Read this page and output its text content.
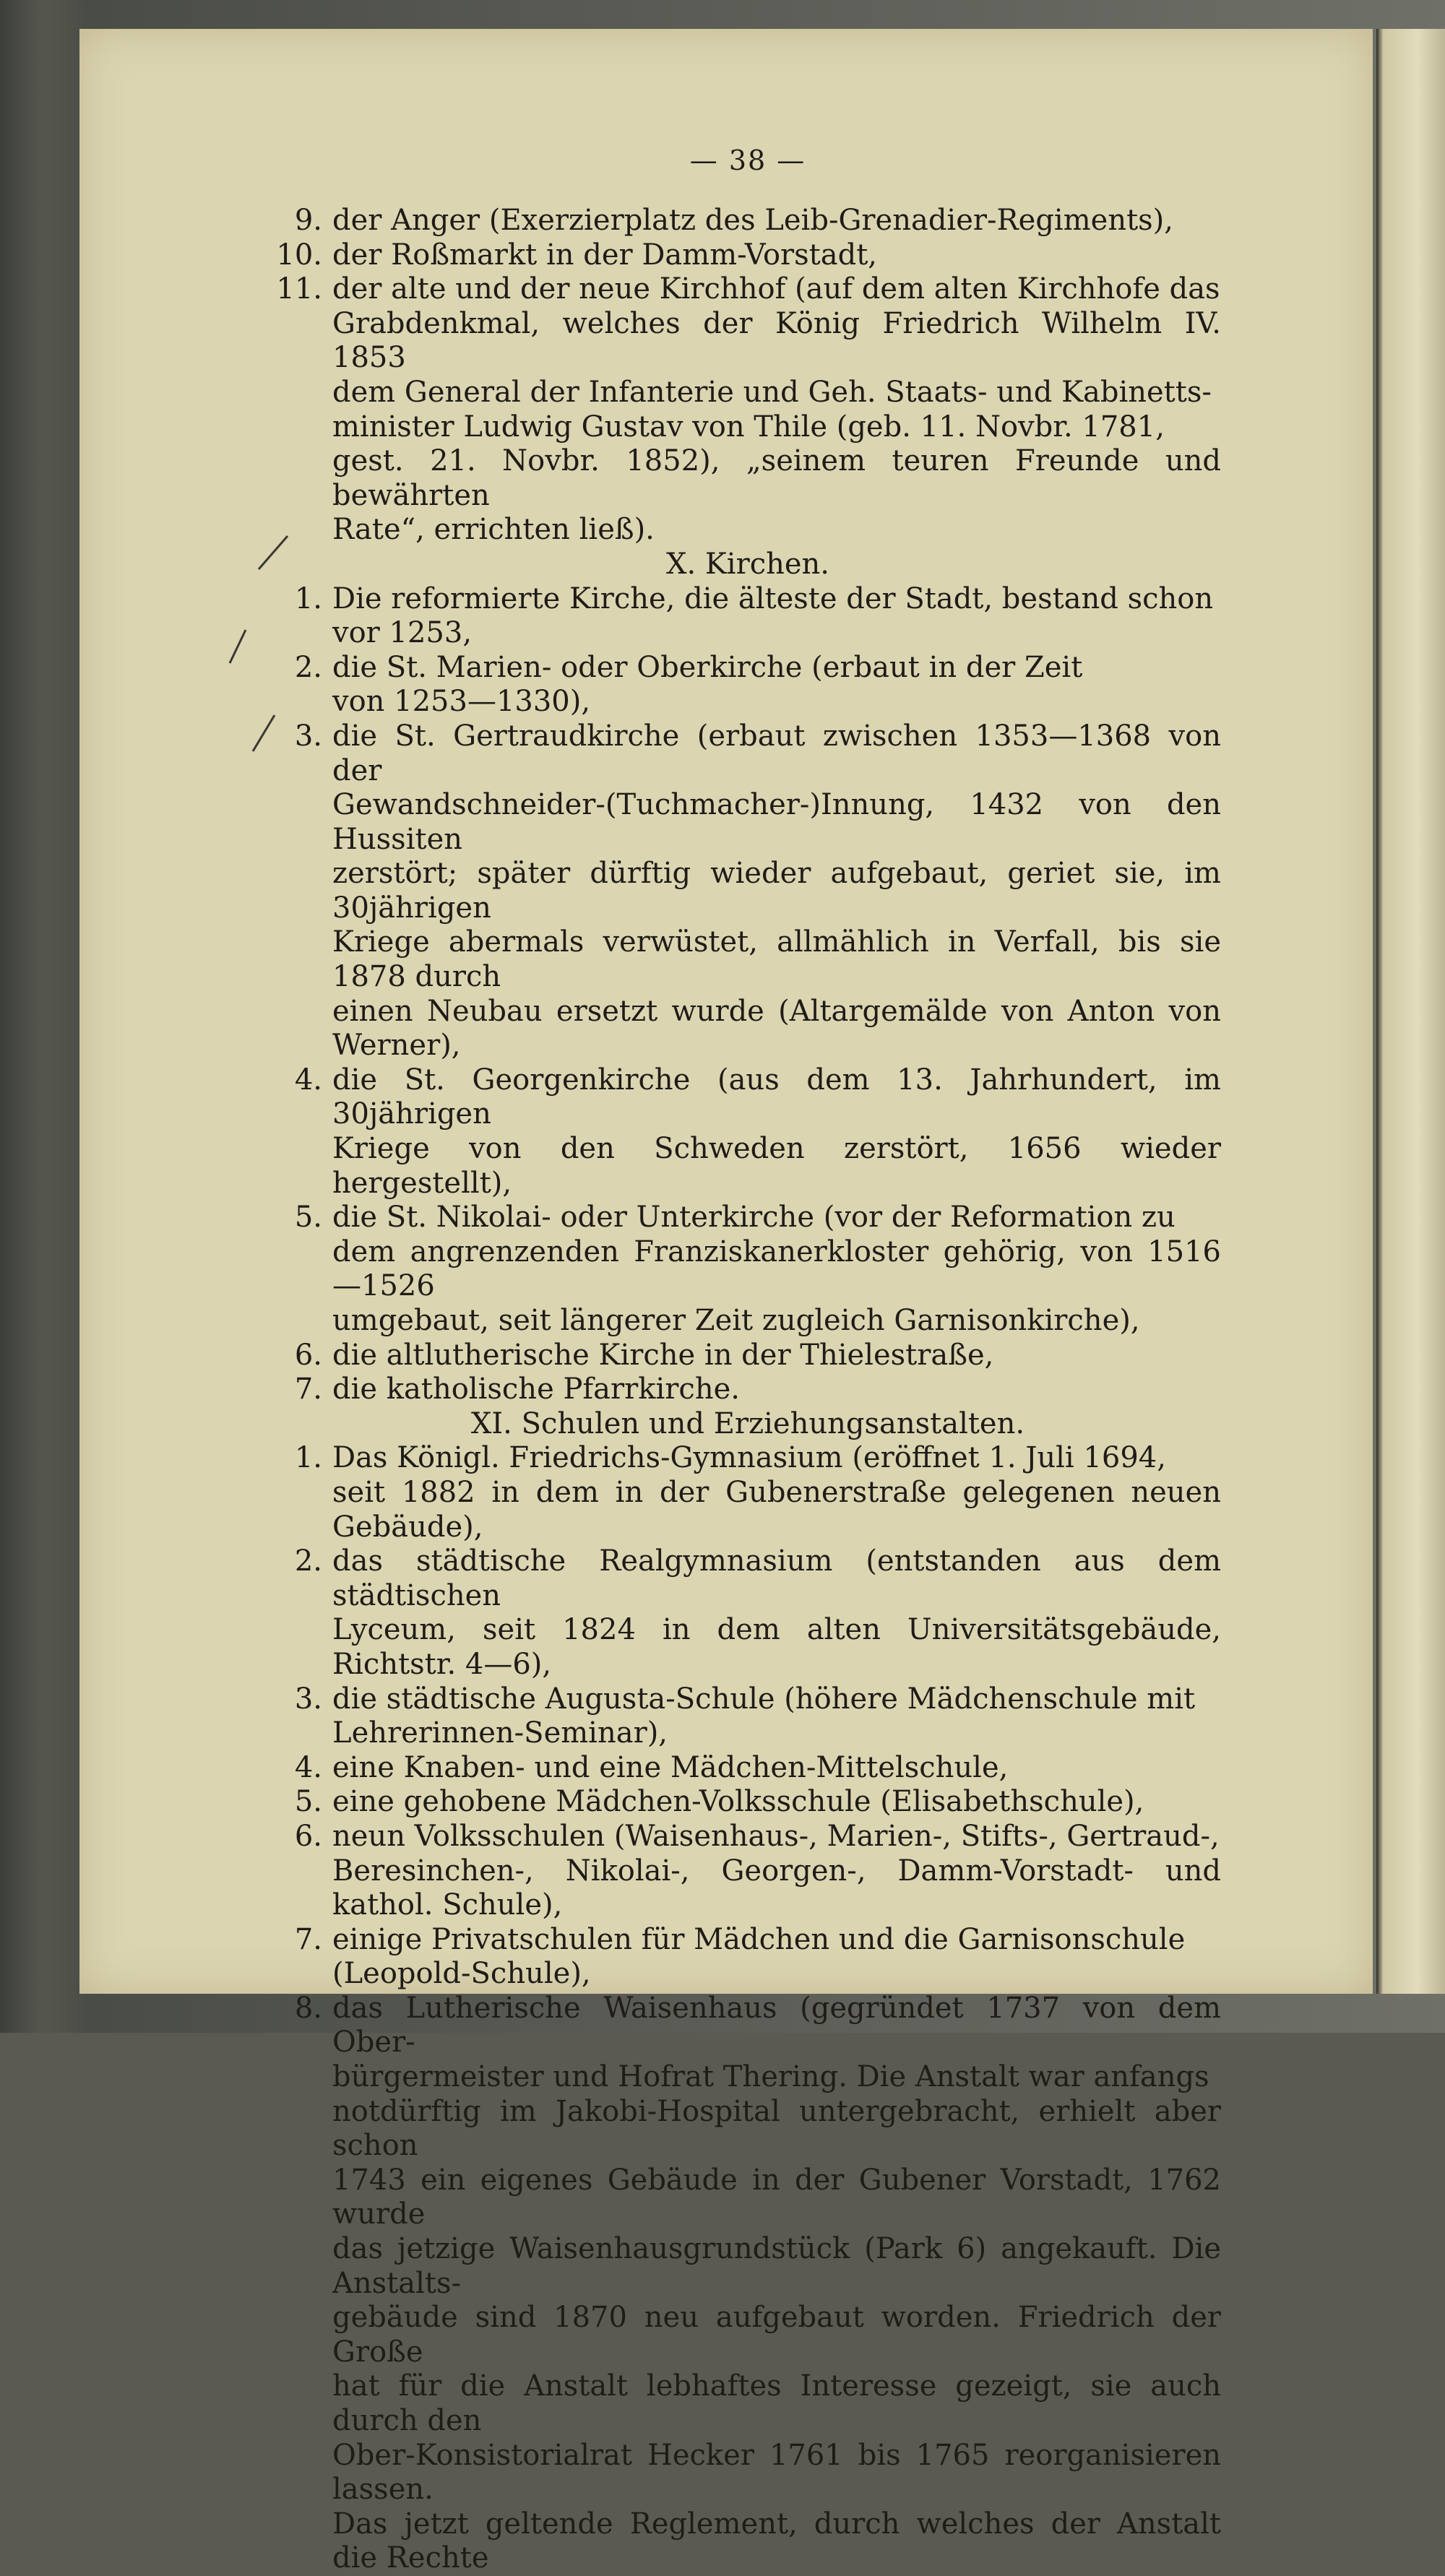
— 38 —
9. der Anger (Exerzierplatz des Leib-Grenadier-Regiments),
10. der Roßmarkt in der Damm-Vorstadt,
11. der alte und der neue Kirchhof (auf dem alten Kirchhofe das
Grabdenkmal, welches der König Friedrich Wilhelm IV. 1853
dem General der Infanterie und Geh. Staats- und Kabinetts-
minister Ludwig Gustav von Thile (geb. 11. Novbr. 1781,
gest. 21. Novbr. 1852), „seinem teuren Freunde und bewährten
Rate“, errichten ließ).
X. Kirchen.
1. Die reformierte Kirche, die älteste der Stadt, bestand schon
vor 1253,
2. die St. Marien- oder Oberkirche (erbaut in der Zeit
von 1253—1330),
3. die St. Gertraudkirche (erbaut zwischen 1353—1368 von der
Gewandschneider-(Tuchmacher-)Innung, 1432 von den Hussiten
zerstört; später dürftig wieder aufgebaut, geriet sie, im 30jährigen
Kriege abermals verwüstet, allmählich in Verfall, bis sie 1878 durch
einen Neubau ersetzt wurde (Altargemälde von Anton von Werner),
4. die St. Georgenkirche (aus dem 13. Jahrhundert, im 30jährigen
Kriege von den Schweden zerstört, 1656 wieder hergestellt),
5. die St. Nikolai- oder Unterkirche (vor der Reformation zu
dem angrenzenden Franziskanerkloster gehörig, von 1516—1526
umgebaut, seit längerer Zeit zugleich Garnisonkirche),
6. die altlutherische Kirche in der Thielestraße,
7. die katholische Pfarrkirche.
XI. Schulen und Erziehungsanstalten.
1. Das Königl. Friedrichs-Gymnasium (eröffnet 1. Juli 1694,
seit 1882 in dem in der Gubenerstraße gelegenen neuen Gebäude),
2. das städtische Realgymnasium (entstanden aus dem städtischen
Lyceum, seit 1824 in dem alten Universitätsgebäude, Richtstr. 4—6),
3. die städtische Augusta-Schule (höhere Mädchenschule mit
Lehrerinnen-Seminar),
4. eine Knaben- und eine Mädchen-Mittelschule,
5. eine gehobene Mädchen-Volksschule (Elisabethschule),
6. neun Volksschulen (Waisenhaus-, Marien-, Stifts-, Gertraud-,
Beresinchen-, Nikolai-, Georgen-, Damm-Vorstadt- und kathol. Schule),
7. einige Privatschulen für Mädchen und die Garnisonschule
(Leopold-Schule),
8. das Lutherische Waisenhaus (gegründet 1737 von dem Ober-
bürgermeister und Hofrat Thering. Die Anstalt war anfangs
notdürftig im Jakobi-Hospital untergebracht, erhielt aber schon
1743 ein eigenes Gebäude in der Gubener Vorstadt, 1762 wurde
das jetzige Waisenhausgrundstück (Park 6) angekauft. Die Anstalts-
gebäude sind 1870 neu aufgebaut worden. Friedrich der Große
hat für die Anstalt lebhaftes Interesse gezeigt, sie auch durch den
Ober-Konsistorialrat Hecker 1761 bis 1765 reorganisieren lassen.
Das jetzt geltende Reglement, durch welches der Anstalt die Rechte
